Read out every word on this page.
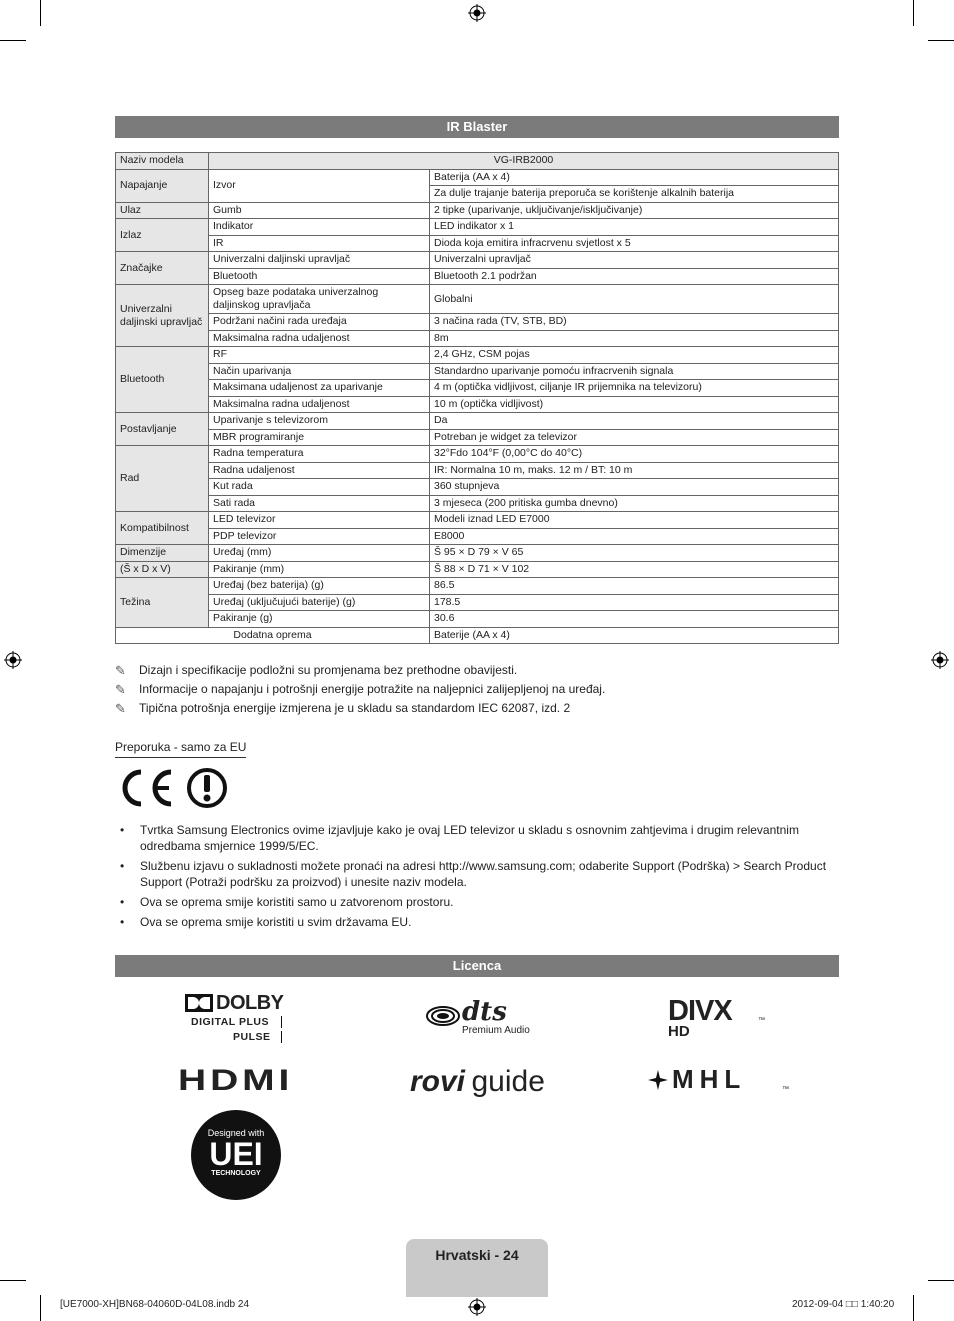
IR Blaster
Naziv modela	VG-IRB2000	
Napajanje	Izvor	Baterija (AA x 4)
		Za dulje trajanje baterija preporuča se korištenje alkalnih baterija
Ulaz	Gumb	2 tipke (uparivanje, uključivanje/isključivanje)
Izlaz	Indikator	LED indikator x 1
	IR	Dioda koja emitira infracrvenu svjetlost x 5
Značajke	Univerzalni daljinski upravljač	Univerzalni upravljač
	Bluetooth	Bluetooth 2.1 podržan
Univerzalni daljinski upravljač	Opseg baze podataka univerzalnog daljinskog upravljača	Globalni
	Podržani načini rada uređaja	3 načina rada (TV, STB, BD)
	Maksimalna radna udaljenost	8m
Bluetooth	RF	2,4 GHz, CSM pojas
	Način uparivanja	Standardno uparivanje pomoću infracrvenih signala
	Maksimana udaljenost za uparivanje	4 m (optička vidljivost, ciljanje IR prijemnika na televizoru)
	Maksimalna radna udaljenost	10 m (optička vidljivost)
Postavljanje	Uparivanje s televizorom	Da
	MBR programiranje	Potreban je widget za televizor
Rad	Radna temperatura	32°Fdo 104°F (0,00°C do 40°C)
	Radna udaljenost	IR: Normalna 10 m, maks. 12 m / BT: 10 m
	Kut rada	360 stupnjeva
	Sati rada	3 mjeseca (200 pritiska gumba dnevno)
Kompatibilnost	LED televizor	Modeli iznad LED E7000
	PDP televizor	E8000
Dimenzije	Uređaj (mm)	Š 95 × D 79 × V 65
(Š x D x V)	Pakiranje (mm)	Š 88 × D 71 × V 102
Težina	Uređaj (bez baterija) (g)	86.5
	Uređaj (uključujući baterije) (g)	178.5
	Pakiranje (g)	30.6
Dodatna oprema		Baterije (AA x 4)
✎	Dizajn i specifikacije podložni su promjenama bez prethodne obavijesti.
✎	Informacije o napajanju i potrošnji energije potražite na naljepnici zalijepljenoj na uređaj.
✎	Tipična potrošnja energije izmjerena je u skladu sa standardom IEC 62087, izd. 2
Preporuka - samo za EU
•	Tvrtka Samsung Electronics ovime izjavljuje kako je ovaj LED televizor u skladu s osnovnim zahtjevima i drugim relevantnim odredbama smjernice 1999/5/EC.
•	Službenu izjavu o sukladnosti možete pronaći na adresi http://www.samsung.com; odaberite Support (Podrška) > Search Product Support (Potraži podršku za proizvod) i unesite naziv modela.
•	Ova se oprema smije koristiti samo u zatvorenom prostoru.
•	Ova se oprema smije koristiti u svim državama EU.
Licenca
DOLBY
DIGITAL PLUS
PULSE
dts
Premium Audio
DIVX	™
HD
HDMI	rovi guide	MHL	™
Designed with
UEI
TECHNOLOGY
Hrvatski - 24
[UE7000-XH]BN68-04060D-04L08.indb 24	2012-09-04 □□ 1:40:20
